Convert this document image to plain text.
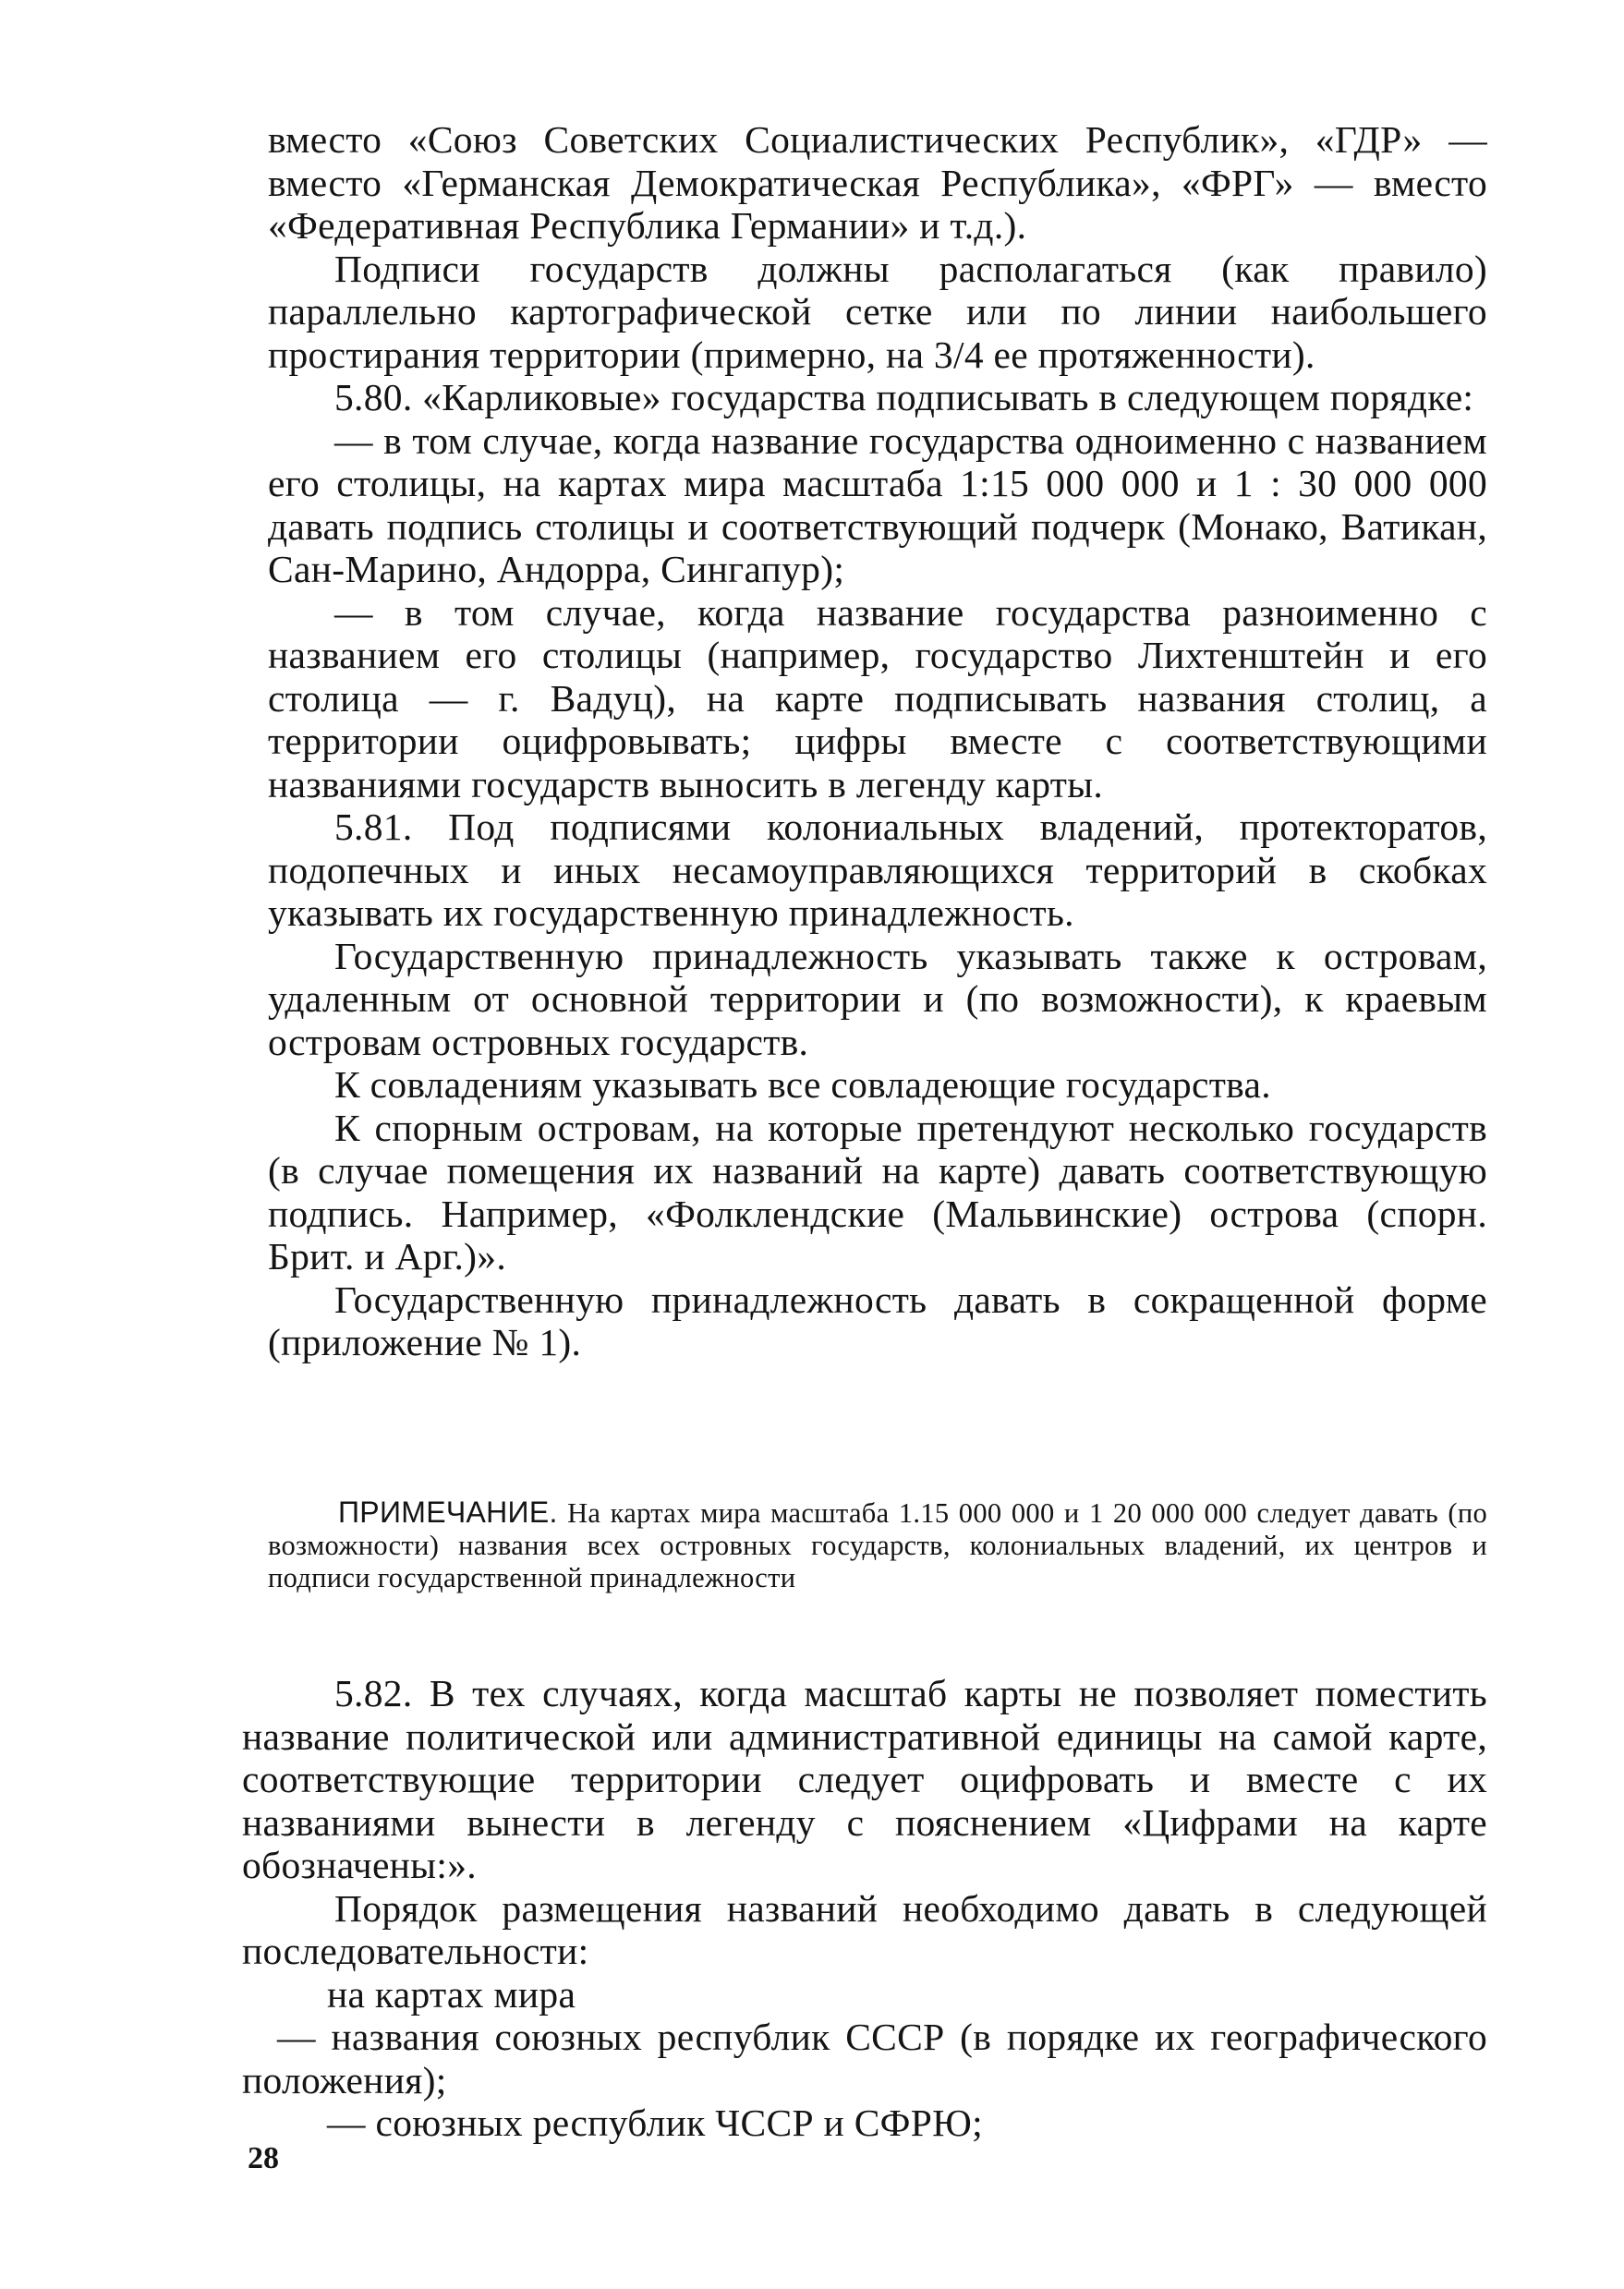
вместо «Союз Советских Социалистических Республик», «ГДР» — вместо «Германская Демократическая Республика», «ФРГ» — вместо «Федеративная Республика Германии» и т.д.).

Подписи государств должны располагаться (как правило) параллельно картографической сетке или по линии наибольшего простирания территории (примерно, на 3/4 ее протяженности).

5.80. «Карликовые» государства подписывать в следующем порядке:

— в том случае, когда название государства одноименно с названием его столицы, на картах мира масштаба 1:15 000 000 и 1 : 30 000 000 давать подпись столицы и соответствующий подчерк (Монако, Ватикан, Сан-Марино, Андорра, Сингапур);

— в том случае, когда название государства разноименно с названием его столицы (например, государство Лихтенштейн и его столица — г. Вадуц), на карте подписывать названия столиц, а территории оцифровывать; цифры вместе с соответствующими названиями государств выносить в легенду карты.

5.81. Под подписями колониальных владений, протекторатов, подопечных и иных несамоуправляющихся территорий в скобках указывать их государственную принадлежность.

Государственную принадлежность указывать также к островам, удаленным от основной территории и (по возможности), к краевым островам островных государств.

К совладениям указывать все совладеющие государства.

К спорным островам, на которые претендуют несколько государств (в случае помещения их названий на карте) давать соответствующую подпись. Например, «Фолклендские (Мальвинские) острова (спорн. Брит. и Арг.)».

Государственную принадлежность давать в сокращенной форме (приложение № 1).

ПРИМЕЧАНИЕ. На картах мира масштаба 1.15 000 000 и 1 20 000 000 следует давать (по возможности) названия всех островных государств, колониальных владений, их центров и подписи государственной принадлежности

5.82. В тех случаях, когда масштаб карты не позволяет поместить название политической или административной единицы на самой карте, соответствующие территории следует оцифровать и вместе с их названиями вынести в легенду с пояснением «Цифрами на карте обозначены:».

Порядок размещения названий необходимо давать в следующей последовательности:

на картах мира

— названия союзных республик СССР (в порядке их географического положения);

— союзных республик ЧССР и СФРЮ;

28
